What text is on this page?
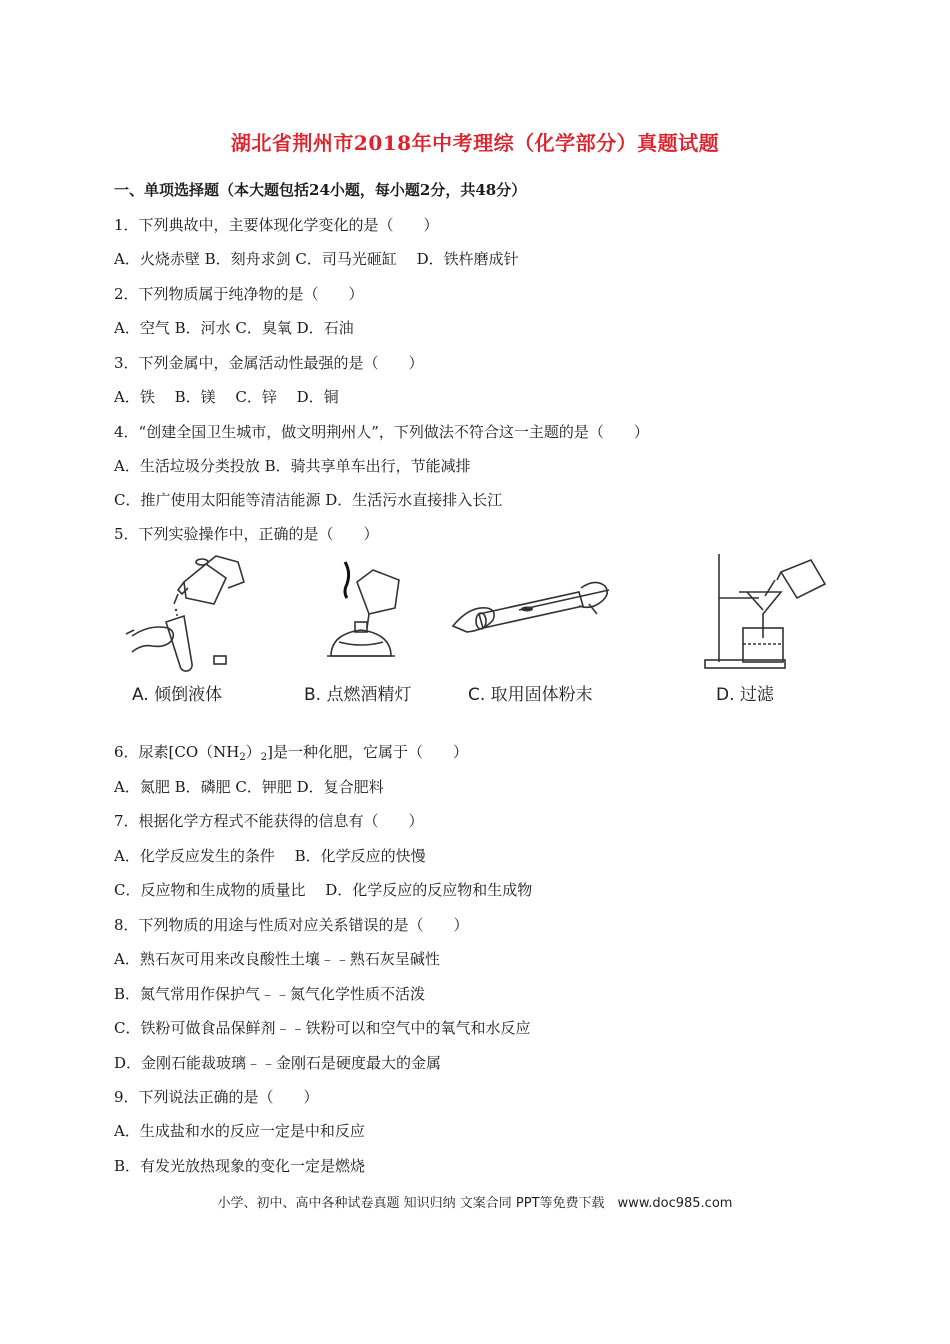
湖北省荆州市2018年中考理综（化学部分）真题试题
一、单项选择题（本大题包括24小题，每小题2分，共48分）
1．下列典故中，主要体现化学变化的是（　　）
A．火烧赤壁 B．刻舟求剑 C．司马光砸缸　 D．铁杵磨成针
2．下列物质属于纯净物的是（　　）
A．空气 B．河水 C．臭氧 D．石油
3．下列金属中，金属活动性最强的是（　　）
A．铁　 B．镁　 C．锌　 D．铜
4．“创建全国卫生城市，做文明荆州人”，下列做法不符合这一主题的是（　　）
A．生活垃圾分类投放 B．骑共享单车出行，节能减排
C．推广使用太阳能等清洁能源 D．生活污水直接排入长江
5．下列实验操作中，正确的是（　　）
A. 倾倒液体	B. 点燃酒精灯	C. 取用固体粉末	D. 过滤
6．尿素$[CO(NH_2)_2]$是一种化肥，它属于（　　）
A．氮肥 B．磷肥 C．钾肥 D．复合肥料
7．根据化学方程式不能获得的信息有（　　）
A．化学反应发生的条件　 B．化学反应的快慢
C．反应物和生成物的质量比　 D．化学反应的反应物和生成物
8．下列物质的用途与性质对应关系错误的是（　　）
A．熟石灰可用来改良酸性土壤﹣﹣熟石灰呈碱性
B．氮气常用作保护气﹣﹣氮气化学性质不活泼
C．铁粉可做食品保鲜剂﹣﹣铁粉可以和空气中的氧气和水反应
D．金刚石能裁玻璃﹣﹣金刚石是硬度最大的金属
9．下列说法正确的是（　　）
A．生成盐和水的反应一定是中和反应
B．有发光放热现象的变化一定是燃烧
小学、初中、高中各种试卷真题 知识归纳 文案合同 PPT等免费下载　www.doc985.com
